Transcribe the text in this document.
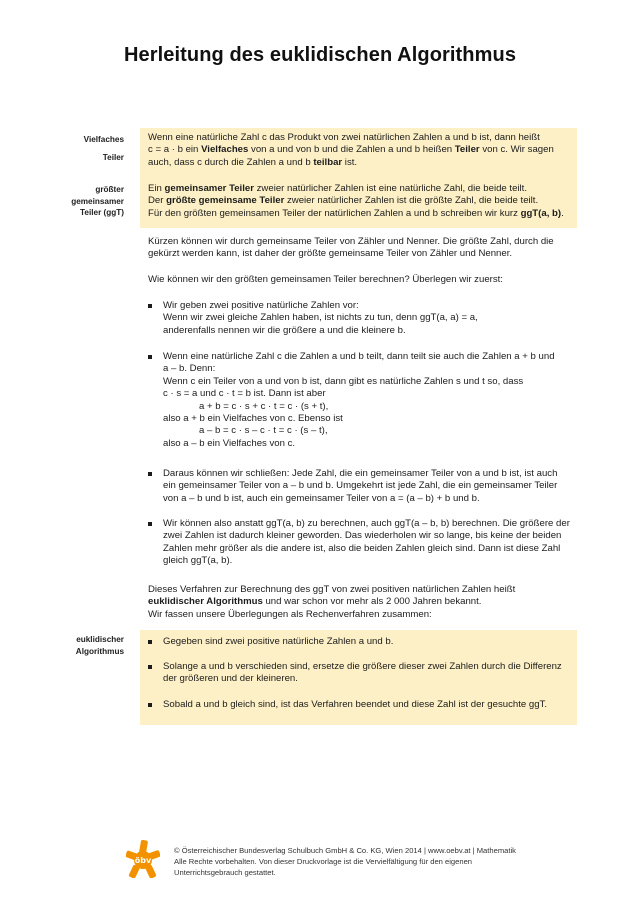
Herleitung des euklidischen Algorithmus
Vielfaches
Teiler
größter
gemeinsamer
Teiler (ggT)
euklidischer
Algorithmus

Wenn eine natürliche Zahl c das Produkt von zwei natürlichen Zahlen a und b ist, dann heißt

c = a · b ein Vielfaches von a und von b und die Zahlen a und b heißen Teiler von c. Wir sagen

auch, dass c durch die Zahlen a und b teilbar ist.

Ein gemeinsamer Teiler zweier natürlicher Zahlen ist eine natürliche Zahl, die beide teilt.

Der größte gemeinsame Teiler zweier natürlicher Zahlen ist die größte Zahl, die beide teilt.

Für den größten gemeinsamen Teiler der natürlichen Zahlen a und b schreiben wir kurz ggT(a, b).

Kürzen können wir durch gemeinsame Teiler von Zähler und Nenner. Die größte Zahl, durch die

gekürzt werden kann, ist daher der größte gemeinsame Teiler von Zähler und Nenner.

Wie können wir den größten gemeinsamen Teiler berechnen? Überlegen wir zuerst:

Wir geben zwei positive natürliche Zahlen vor:
Wenn wir zwei gleiche Zahlen haben, ist nichts zu tun, denn ggT(a, a) = a,
anderenfalls nennen wir die größere a und die kleinere b.
Wenn eine natürliche Zahl c die Zahlen a und b teilt, dann teilt sie auch die Zahlen a + b und
a – b. Denn:
Wenn c ein Teiler von a und von b ist, dann gibt es natürliche Zahlen s und t so, dass
c · s = a und c · t = b ist. Dann ist aber
a + b = c · s + c · t = c · (s + t),
also a + b ein Vielfaches von c. Ebenso ist
a – b = c · s – c · t = c · (s – t),
also a – b ein Vielfaches von c.
Daraus können wir schließen: Jede Zahl, die ein gemeinsamer Teiler von a und b ist, ist auch
ein gemeinsamer Teiler von a – b und b. Umgekehrt ist jede Zahl, die ein gemeinsamer Teiler
von a – b und b ist, auch ein gemeinsamer Teiler von a = (a – b) + b und b.
Wir können also anstatt ggT(a, b) zu berechnen, auch ggT(a – b, b) berechnen. Die größere der
zwei Zahlen ist dadurch kleiner geworden. Das wiederholen wir so lange, bis keine der beiden
Zahlen mehr größer als die andere ist, also die beiden Zahlen gleich sind. Dann ist diese Zahl
gleich ggT(a, b).

Dieses Verfahren zur Berechnung des ggT von zwei positiven natürlichen Zahlen heißt

euklidischer Algorithmus und war schon vor mehr als 2 000 Jahren bekannt.

Wir fassen unsere Überlegungen als Rechenverfahren zusammen:

Gegeben sind zwei positive natürliche Zahlen a und b.
Solange a und b verschieden sind, ersetze die größere dieser zwei Zahlen durch die Differenz
der größeren und der kleineren.
Sobald a und b gleich sind, ist das Verfahren beendet und diese Zahl ist der gesuchte ggT.
öbv
© Österreichischer Bundesverlag Schulbuch GmbH & Co. KG, Wien 2014 | www.oebv.at | Mathematik
Alle Rechte vorbehalten. Von dieser Druckvorlage ist die Vervielfältigung für den eigenen
Unterrichtsgebrauch gestattet.
